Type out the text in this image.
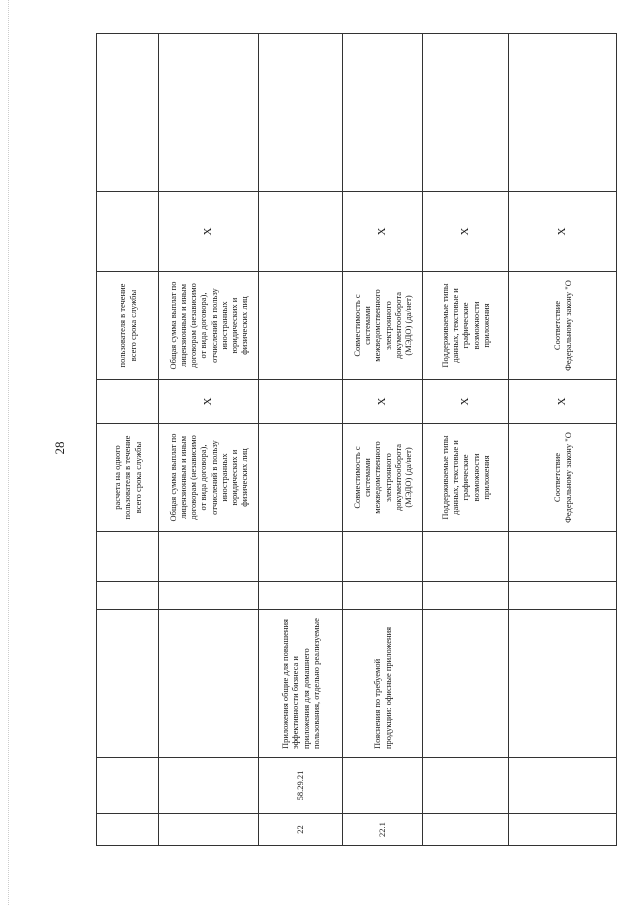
28
						расчета на одного пользователя в течение всего срока службы		пользователя в течение всего срока службы		
					Общая сумма выплат по лицензионным и иным договорам (независимо от вида договора), отчислений в пользу иностранных юридических и физических лиц	X	Общая сумма выплат по лицензионным и иным договорам (независимо от вида договора), отчислений в пользу иностранных юридических и физических лиц	X	
22	58.29.21	Приложения общие для повышения эффективности бизнеса и приложения для домашнего пользования, отдельно реализуемые							
22.1		Пояснения по требуемой продукции: офисные приложения			Совместимость с системами межведомственного электронного документооборота (МЭДО) (да/нет)	X	Совместимость с системами межведомственного электронного документооборота (МЭДО) (да/нет)	X	
					Поддерживаемые типы данных, текстовые и графические возможности приложения	X	Поддерживаемые типы данных, текстовые и графические возможности приложения	X	
					Соответствие Федеральному закону "О	X	Соответствие Федеральному закону "О	X	
